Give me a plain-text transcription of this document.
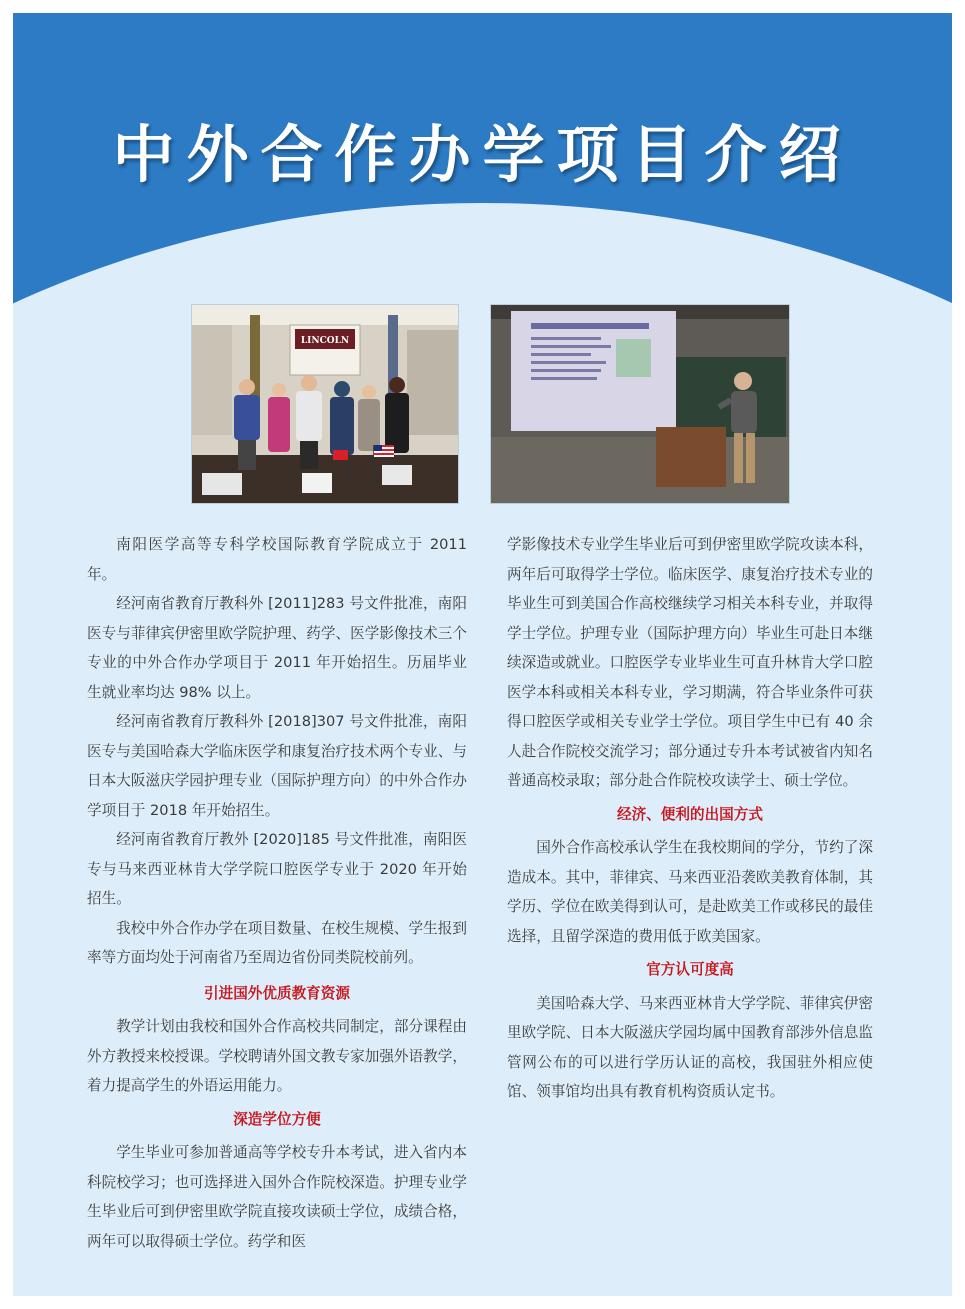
中外合作办学项目介绍
LINCOLN

南阳医学高等专科学校国际教育学院成立于 2011 年。

经河南省教育厅教科外 [2011]283 号文件批准，南阳医专与菲律宾伊密里欧学院护理、药学、医学影像技术三个专业的中外合作办学项目于 2011 年开始招生。历届毕业生就业率均达 98% 以上。

经河南省教育厅教科外 [2018]307 号文件批准，南阳医专与美国哈森大学临床医学和康复治疗技术两个专业、与日本大阪滋庆学园护理专业（国际护理方向）的中外合作办学项目于 2018 年开始招生。

经河南省教育厅教外 [2020]185 号文件批准，南阳医专与马来西亚林肯大学学院口腔医学专业于 2020 年开始招生。

我校中外合作办学在项目数量、在校生规模、学生报到率等方面均处于河南省乃至周边省份同类院校前列。

引进国外优质教育资源

教学计划由我校和国外合作高校共同制定，部分课程由外方教授来校授课。学校聘请外国文教专家加强外语教学，着力提高学生的外语运用能力。

深造学位方便

学生毕业可参加普通高等学校专升本考试，进入省内本科院校学习；也可选择进入国外合作院校深造。护理专业学生毕业后可到伊密里欧学院直接攻读硕士学位，成绩合格，两年可以取得硕士学位。药学和医

学影像技术专业学生毕业后可到伊密里欧学院攻读本科，两年后可取得学士学位。临床医学、康复治疗技术专业的毕业生可到美国合作高校继续学习相关本科专业，并取得学士学位。护理专业（国际护理方向）毕业生可赴日本继续深造或就业。口腔医学专业毕业生可直升林肯大学口腔医学本科或相关本科专业，学习期满，符合毕业条件可获得口腔医学或相关专业学士学位。项目学生中已有 40 余人赴合作院校交流学习；部分通过专升本考试被省内知名普通高校录取；部分赴合作院校攻读学士、硕士学位。

经济、便利的出国方式

国外合作高校承认学生在我校期间的学分，节约了深造成本。其中，菲律宾、马来西亚沿袭欧美教育体制，其学历、学位在欧美得到认可，是赴欧美工作或移民的最佳选择，且留学深造的费用低于欧美国家。

官方认可度高

美国哈森大学、马来西亚林肯大学学院、菲律宾伊密里欧学院、日本大阪滋庆学园均属中国教育部涉外信息监管网公布的可以进行学历认证的高校，我国驻外相应使馆、领事馆均出具有教育机构资质认定书。
